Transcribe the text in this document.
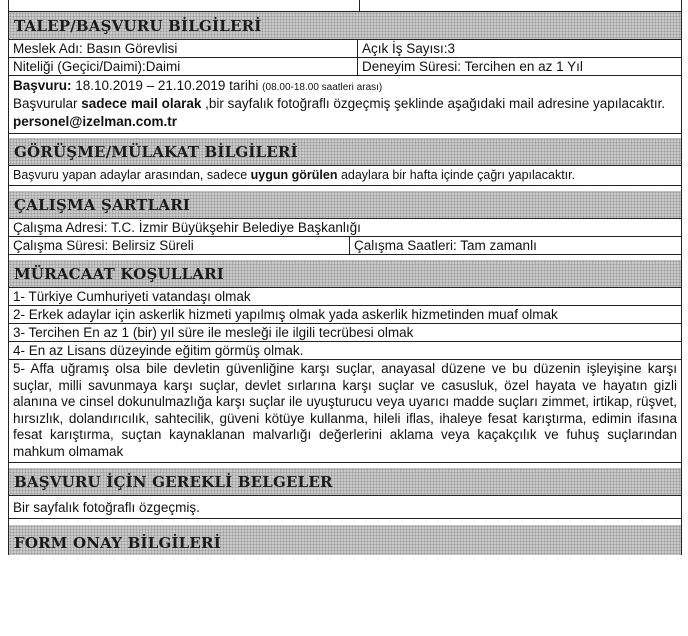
TALEP/BAŞVURU BİLGİLERİ
Meslek Adı: Basın Görevlisi	Açık İş Sayısı:3
Niteliği (Geçici/Daimi):Daimi	Deneyim Süresi: Tercihen en az 1 Yıl
Başvuru: 18.10.2019 – 21.10.2019 tarihi (08.00-18.00 saatleri arası)
Başvurular sadece mail olarak ,bir sayfalık fotoğraflı özgeçmiş şeklinde aşağıdaki mail adresine yapılacaktır.
personel@izelman.com.tr
GÖRÜŞME/MÜLAKAT BİLGİLERİ
Başvuru yapan adaylar arasından, sadece uygun görülen adaylara bir hafta içinde çağrı yapılacaktır.
ÇALIŞMA ŞARTLARI
Çalışma Adresi: T.C. İzmir Büyükşehir Belediye Başkanlığı
Çalışma Süresi: Belirsiz Süreli	Çalışma Saatleri: Tam zamanlı
MÜRACAAT KOŞULLARI
1- Türkiye Cumhuriyeti vatandaşı olmak
2- Erkek adaylar için askerlik hizmeti yapılmış olmak yada askerlik hizmetinden muaf olmak
3- Tercihen En az 1 (bir) yıl süre ile mesleği ile ilgili tecrübesi olmak
4- En az Lisans düzeyinde eğitim görmüş olmak.
5- Affa uğramış olsa bile devletin güvenliğine karşı suçlar, anayasal düzene ve bu düzenin işleyişine karşı suçlar, milli savunmaya karşı suçlar, devlet sırlarına karşı suçlar ve casusluk, özel hayata ve hayatın gizli alanına ve cinsel dokunulmazlığa karşı suçlar ile uyuşturucu veya uyarıcı madde suçları zimmet, irtikap, rüşvet, hırsızlık, dolandırıcılık, sahtecilik, güveni kötüye kullanma, hileli iflas, ihaleye fesat karıştırma, edimin ifasına fesat karıştırma, suçtan kaynaklanan malvarlığı değerlerini aklama veya kaçakçılık ve fuhuş suçlarından mahkum olmamak
BAŞVURU İÇİN GEREKLİ BELGELER
Bir sayfalık fotoğraflı özgeçmiş.
FORM ONAY BİLGİLERİ
